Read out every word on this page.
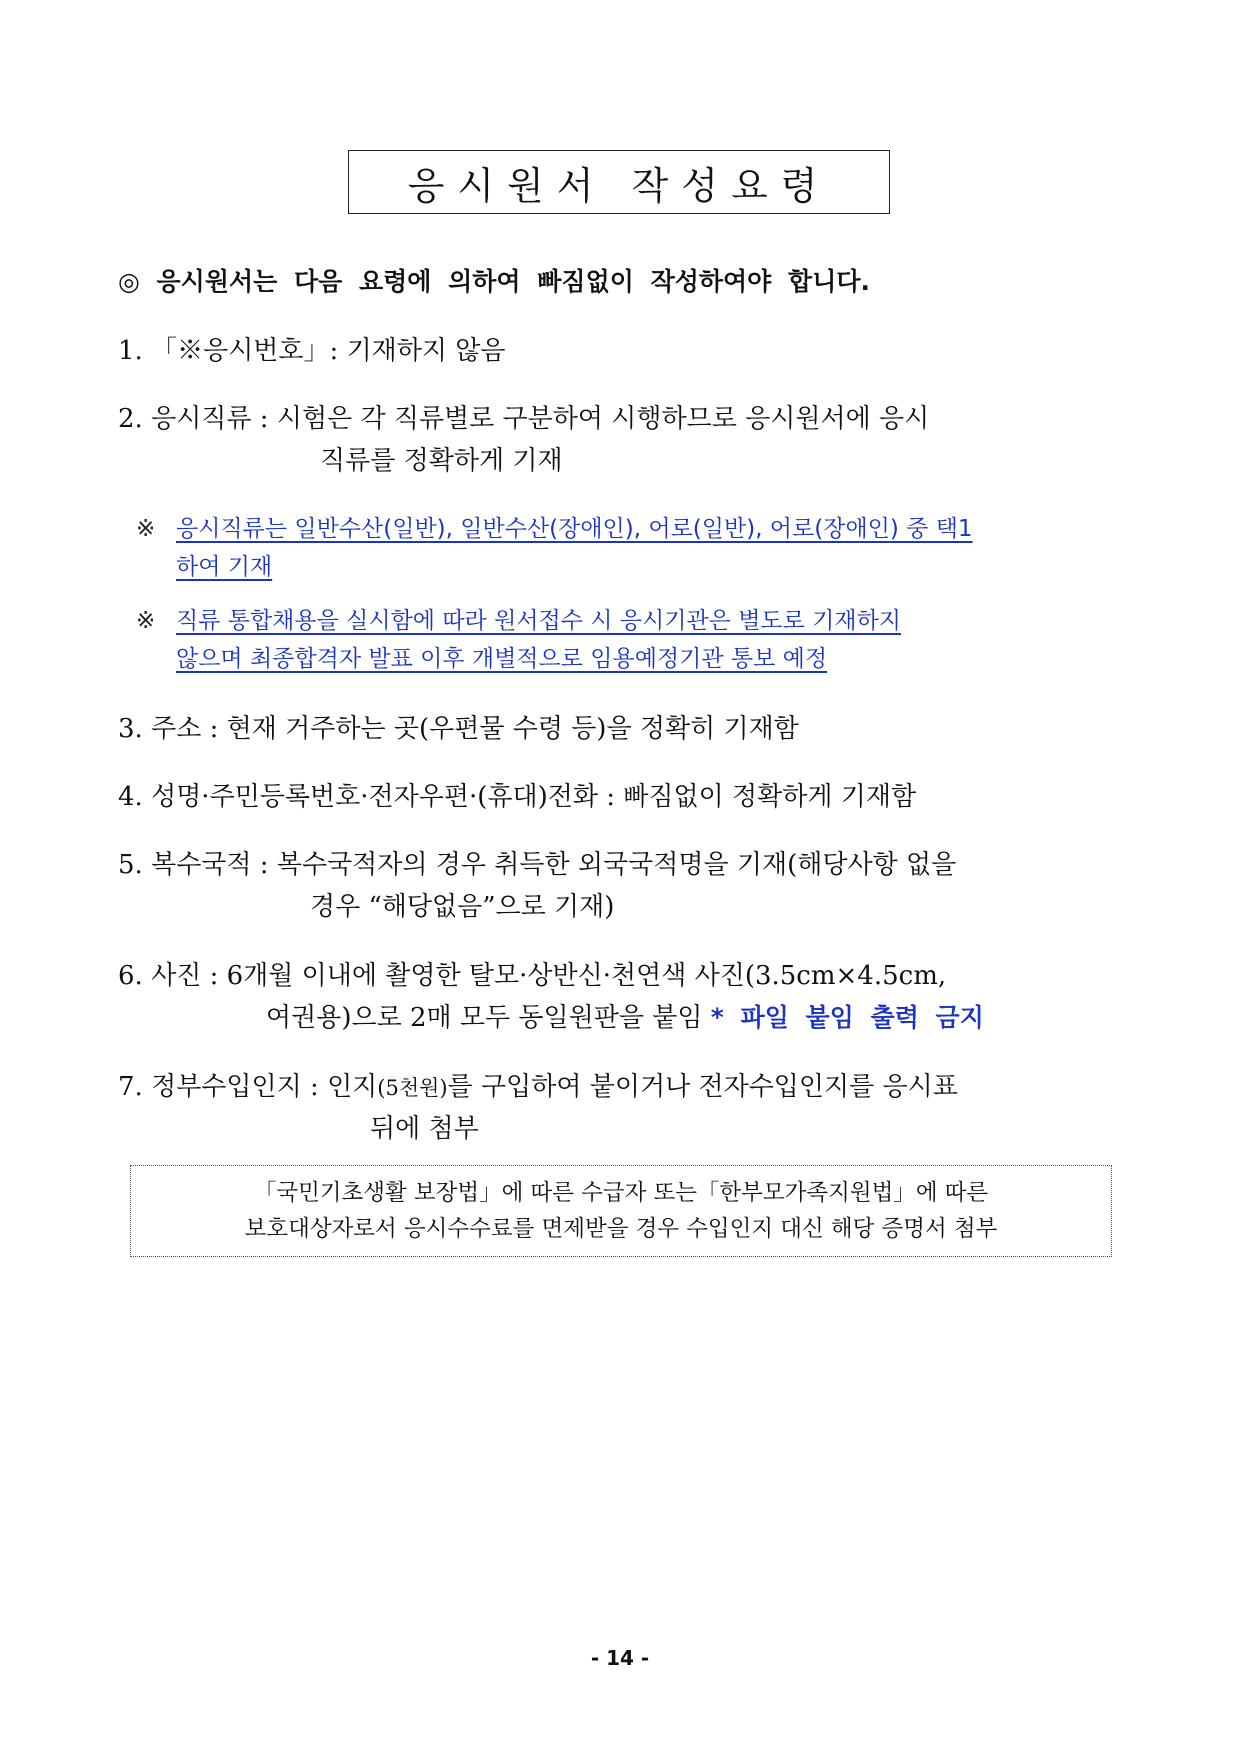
응시원서 작성요령
◎ 응시원서는 다음 요령에 의하여 빠짐없이 작성하여야 합니다.
1. 「※응시번호」: 기재하지 않음
2. 응시직류 : 시험은 각 직류별로 구분하여 시행하므로 응시원서에 응시
직류를 정확하게 기재
※ 응시직류는 일반수산(일반), 일반수산(장애인), 어로(일반), 어로(장애인) 중 택1
하여 기재
※ 직류 통합채용을 실시함에 따라 원서접수 시 응시기관은 별도로 기재하지
않으며 최종합격자 발표 이후 개별적으로 임용예정기관 통보 예정
3. 주소 : 현재 거주하는 곳(우편물 수령 등)을 정확히 기재함
4. 성명·주민등록번호·전자우편·(휴대)전화 : 빠짐없이 정확하게 기재함
5. 복수국적 : 복수국적자의 경우 취득한 외국국적명을 기재(해당사항 없을
경우 “해당없음”으로 기재)
6. 사진 : 6개월 이내에 촬영한 탈모·상반신·천연색 사진(3.5cm×4.5cm,
여권용)으로 2매 모두 동일원판을 붙임 * 파일 붙임 출력 금지
7. 정부수입인지 : 인지(5천원)를 구입하여 붙이거나 전자수입인지를 응시표
뒤에 첨부
「국민기초생활 보장법」에 따른 수급자 또는「한부모가족지원법」에 따른
보호대상자로서 응시수수료를 면제받을 경우 수입인지 대신 해당 증명서 첨부
- 14 -
